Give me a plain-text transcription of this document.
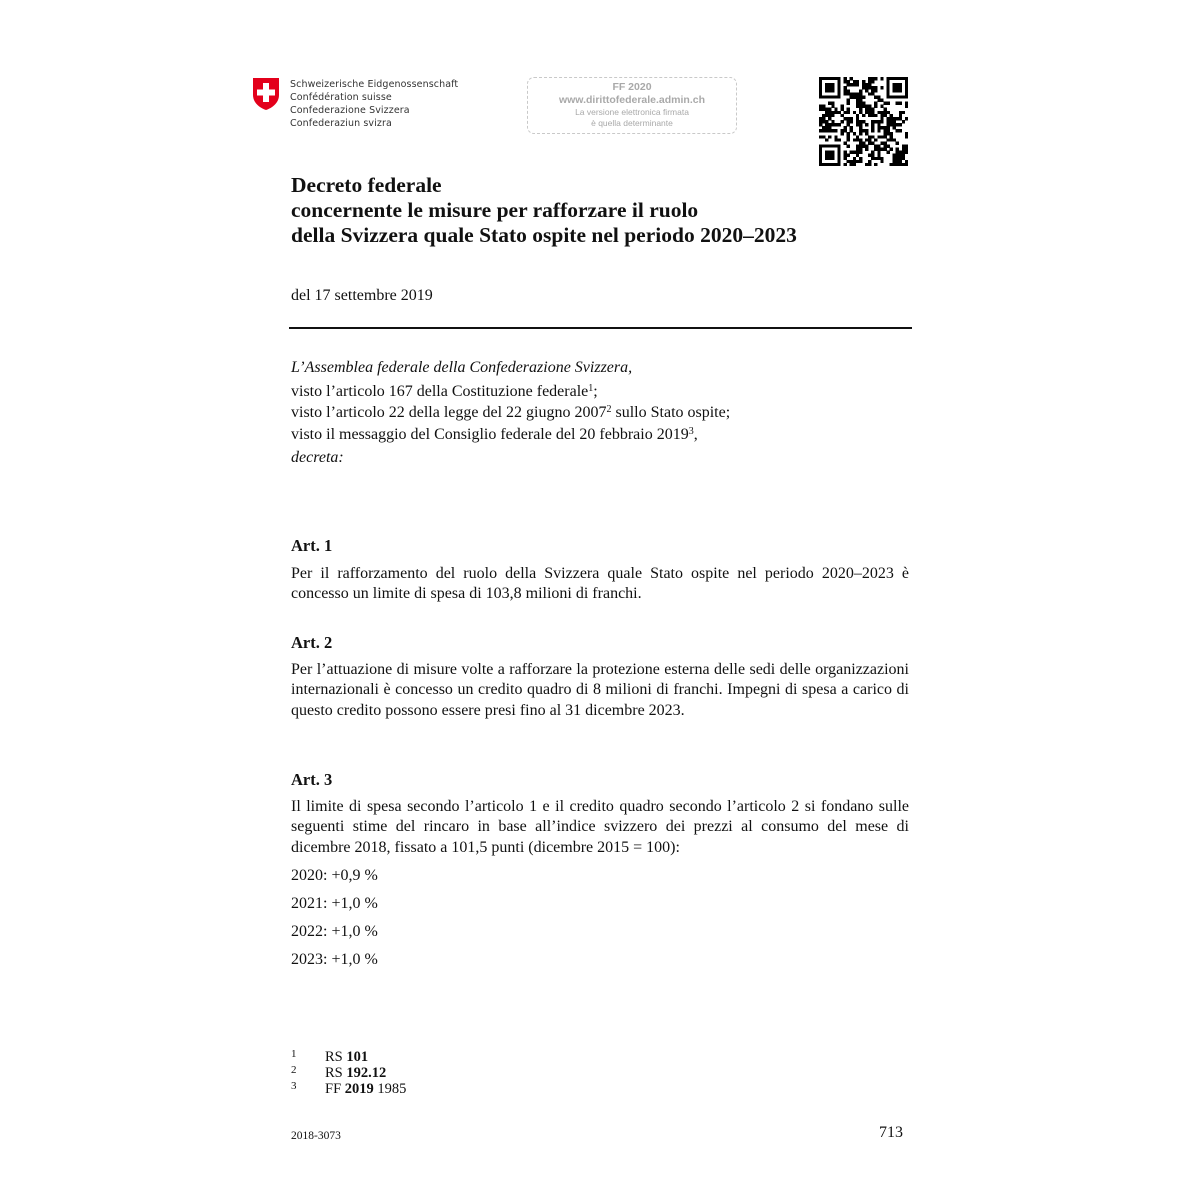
Schweizerische Eidgenossenschaft
Confédération suisse
Confederazione Svizzera
Confederaziun svizra
FF 2020
www.dirittofederale.admin.ch
La versione elettronica firmata
è quella determinante
Decreto federale
concernente le misure per rafforzare il ruolo
della Svizzera quale Stato ospite nel periodo 2020–2023
del 17 settembre 2019
L’Assemblea federale della Confederazione Svizzera,
visto l’articolo 167 della Costituzione federale$^1$;
visto l’articolo 22 della legge del 22 giugno 2007$^2$ sullo Stato ospite;
visto il messaggio del Consiglio federale del 20 febbraio 2019$^3$,
decreta:
Art. 1
Per il rafforzamento del ruolo della Svizzera quale Stato ospite nel periodo 2020–2023 è concesso un limite di spesa di 103,8 milioni di franchi.
Art. 2
Per l’attuazione di misure volte a rafforzare la protezione esterna delle sedi delle organizzazioni internazionali è concesso un credito quadro di 8 milioni di franchi. Impegni di spesa a carico di questo credito possono essere presi fino al 31 dicembre 2023.
Art. 3
Il limite di spesa secondo l’articolo 1 e il credito quadro secondo l’articolo 2 si fondano sulle seguenti stime del rincaro in base all’indice svizzero dei prezzi al consumo del mese di dicembre 2018, fissato a 101,5 punti (dicembre 2015 = 100):
2020: +0,9 %
2021: +1,0 %
2022: +1,0 %
2023: +1,0 %
1 RS 101
2 RS 192.12
3 FF 2019 1985
2018-3073	713
